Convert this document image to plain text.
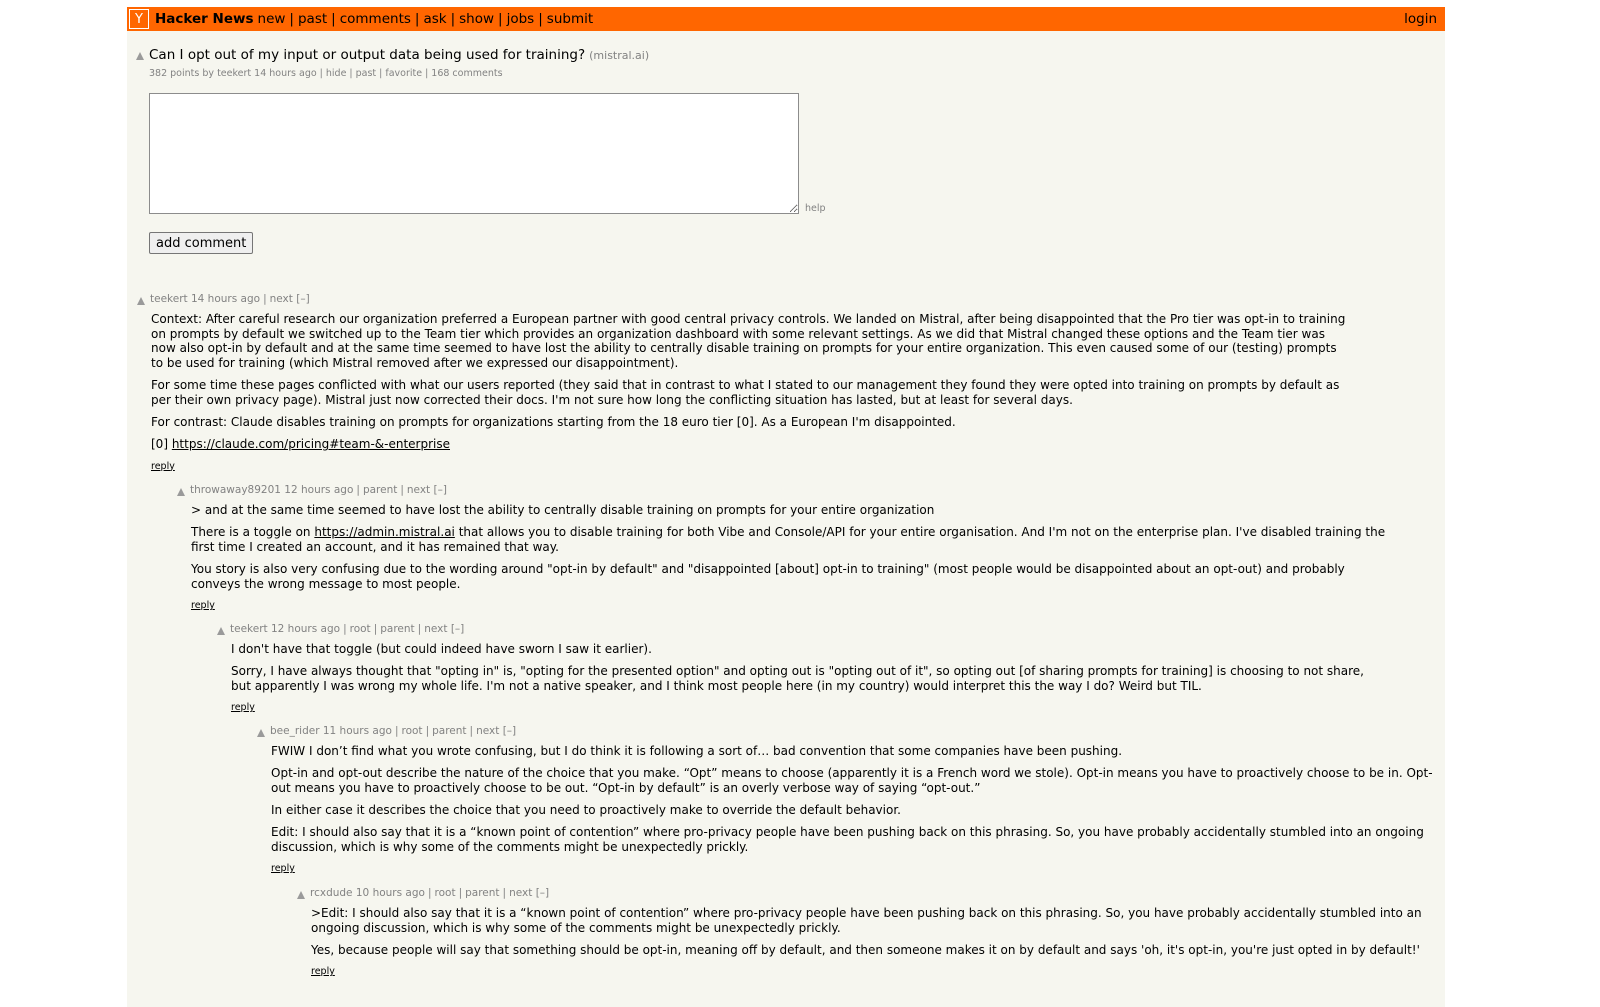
Y Hacker News new | past | comments | ask | show | jobs | submit	login
Can I opt out of my input or output data being used for training? (mistral.ai)
382 points by teekert 14 hours ago | hide | past | favorite | 168 comments
help
add comment
teekert 14 hours ago | next [–]

Context: After careful research our organization preferred a European partner with good central privacy controls. We landed on Mistral, after being disappointed that the Pro tier was opt-in to training on prompts by default we switched up to the Team tier which provides an organization dashboard with some relevant settings. As we did that Mistral changed these options and the Team tier was now also opt-in by default and at the same time seemed to have lost the ability to centrally disable training on prompts for your entire organization. This even caused some of our (testing) prompts to be used for training (which Mistral removed after we expressed our disappointment).

For some time these pages conflicted with what our users reported (they said that in contrast to what I stated to our management they found they were opted into training on prompts by default as per their own privacy page). Mistral just now corrected their docs. I'm not sure how long the conflicting situation has lasted, but at least for several days.

For contrast: Claude disables training on prompts for organizations starting from the 18 euro tier [0]. As a European I'm disappointed.

[0] https://claude.com/pricing#team-&-enterprise

reply
throwaway89201 12 hours ago | parent | next [–]

> and at the same time seemed to have lost the ability to centrally disable training on prompts for your entire organization

There is a toggle on https://admin.mistral.ai that allows you to disable training for both Vibe and Console/API for your entire organisation. And I'm not on the enterprise plan. I've disabled training the first time I created an account, and it has remained that way.

You story is also very confusing due to the wording around "opt-in by default" and "disappointed [about] opt-in to training" (most people would be disappointed about an opt-out) and probably conveys the wrong message to most people.

reply
teekert 12 hours ago | root | parent | next [–]

I don't have that toggle (but could indeed have sworn I saw it earlier).

Sorry, I have always thought that "opting in" is, "opting for the presented option" and opting out is "opting out of it", so opting out [of sharing prompts for training] is choosing to not share, but apparently I was wrong my whole life. I'm not a native speaker, and I think most people here (in my country) would interpret this the way I do? Weird but TIL.

reply
bee_rider 11 hours ago | root | parent | next [–]

FWIW I don’t find what you wrote confusing, but I do think it is following a sort of… bad convention that some companies have been pushing.

Opt-in and opt-out describe the nature of the choice that you make. “Opt” means to choose (apparently it is a French word we stole). Opt-in means you have to proactively choose to be in. Opt-out means you have to proactively choose to be out. “Opt-in by default” is an overly verbose way of saying “opt-out.”

In either case it describes the choice that you need to proactively make to override the default behavior.

Edit: I should also say that it is a “known point of contention” where pro-privacy people have been pushing back on this phrasing. So, you have probably accidentally stumbled into an ongoing discussion, which is why some of the comments might be unexpectedly prickly.

reply
rcxdude 10 hours ago | root | parent | next [–]

>Edit: I should also say that it is a “known point of contention” where pro-privacy people have been pushing back on this phrasing. So, you have probably accidentally stumbled into an ongoing discussion, which is why some of the comments might be unexpectedly prickly.

Yes, because people will say that something should be opt-in, meaning off by default, and then someone makes it on by default and says 'oh, it's opt-in, you're just opted in by default!'

reply
